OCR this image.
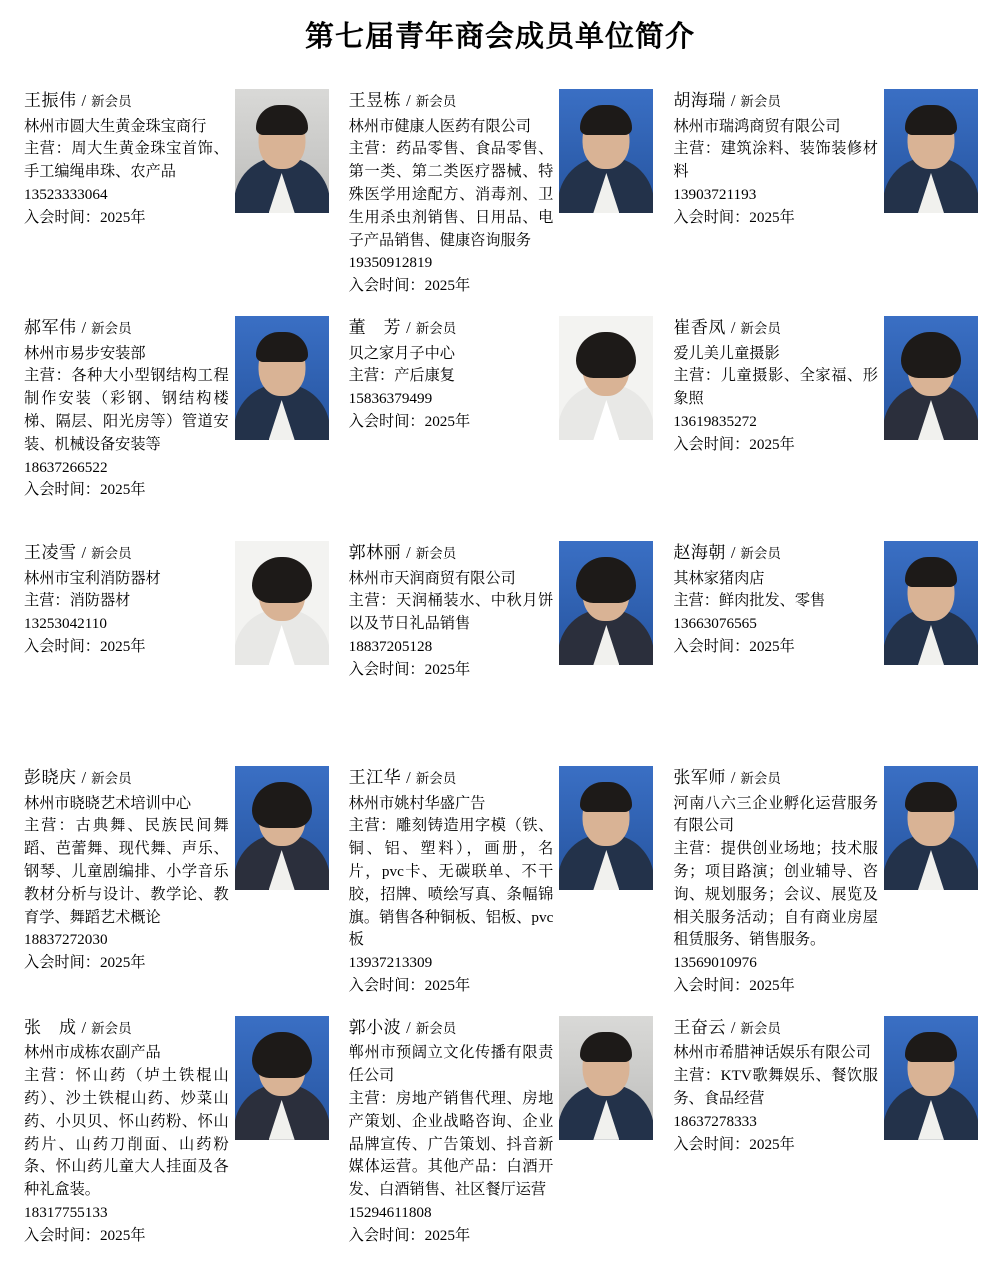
第七届青年商会成员单位简介
王振伟 / 新会员
林州市圆大生黄金珠宝商行
主营：周大生黄金珠宝首饰、手工编绳串珠、农产品
13523333064
入会时间：2025年
王昱栋 / 新会员
林州市健康人医药有限公司
主营：药品零售、食品零售、第一类、第二类医疗器械、特殊医学用途配方、消毒剂、卫生用杀虫剂销售、日用品、电子产品销售、健康咨询服务
19350912819
入会时间：2025年
胡海瑞 / 新会员
林州市瑞鸿商贸有限公司
主营：建筑涂料、装饰装修材料
13903721193
入会时间：2025年
郝军伟 / 新会员
林州市易步安装部
主营：各种大小型钢结构工程制作安装（彩钢、钢结构楼梯、隔层、阳光房等）管道安装、机械设备安装等
18637266522
入会时间：2025年
董　芳 / 新会员
贝之家月子中心
主营：产后康复
15836379499
入会时间：2025年
崔香凤 / 新会员
爱儿美儿童摄影
主营：儿童摄影、全家福、形象照
13619835272
入会时间：2025年
王凌雪 / 新会员
林州市宝利消防器材
主营：消防器材
13253042110
入会时间：2025年
郭林丽 / 新会员
林州市天润商贸有限公司
主营：天润桶装水、中秋月饼以及节日礼品销售
18837205128
入会时间：2025年
赵海朝 / 新会员
其林家猪肉店
主营：鲜肉批发、零售
13663076565
入会时间：2025年
彭晓庆 / 新会员
林州市晓晓艺术培训中心
主营：古典舞、民族民间舞蹈、芭蕾舞、现代舞、声乐、钢琴、儿童剧编排、小学音乐教材分析与设计、教学论、教育学、舞蹈艺术概论
18837272030
入会时间：2025年
王江华 / 新会员
林州市姚村华盛广告
主营：雕刻铸造用字模（铁、铜、铝、塑料），画册，名片，pvc卡、无碳联单、不干胶，招牌、喷绘写真、条幅锦旗。销售各种铜板、铝板、pvc板
13937213309
入会时间：2025年
张军师 / 新会员
河南八六三企业孵化运营服务有限公司
主营：提供创业场地；技术服务；项目路演；创业辅导、咨询、规划服务；会议、展览及相关服务活动；自有商业房屋租赁服务、销售服务。
13569010976
入会时间：2025年
张　成 / 新会员
林州市成栋农副产品
主营：怀山药（垆土铁棍山药）、沙土铁棍山药、炒菜山药、小贝贝、怀山药粉、怀山药片、山药刀削面、山药粉条、怀山药儿童大人挂面及各种礼盒装。
18317755133
入会时间：2025年
郭小波 / 新会员
郸州市预阔立文化传播有限责任公司
主营：房地产销售代理、房地产策划、企业战略咨询、企业品牌宣传、广告策划、抖音新媒体运营。其他产品：白酒开发、白酒销售、社区餐厅运营
15294611808
入会时间：2025年
王奋云 / 新会员
林州市希腊神话娱乐有限公司
主营：KTV歌舞娱乐、餐饮服务、食品经营
18637278333
入会时间：2025年
